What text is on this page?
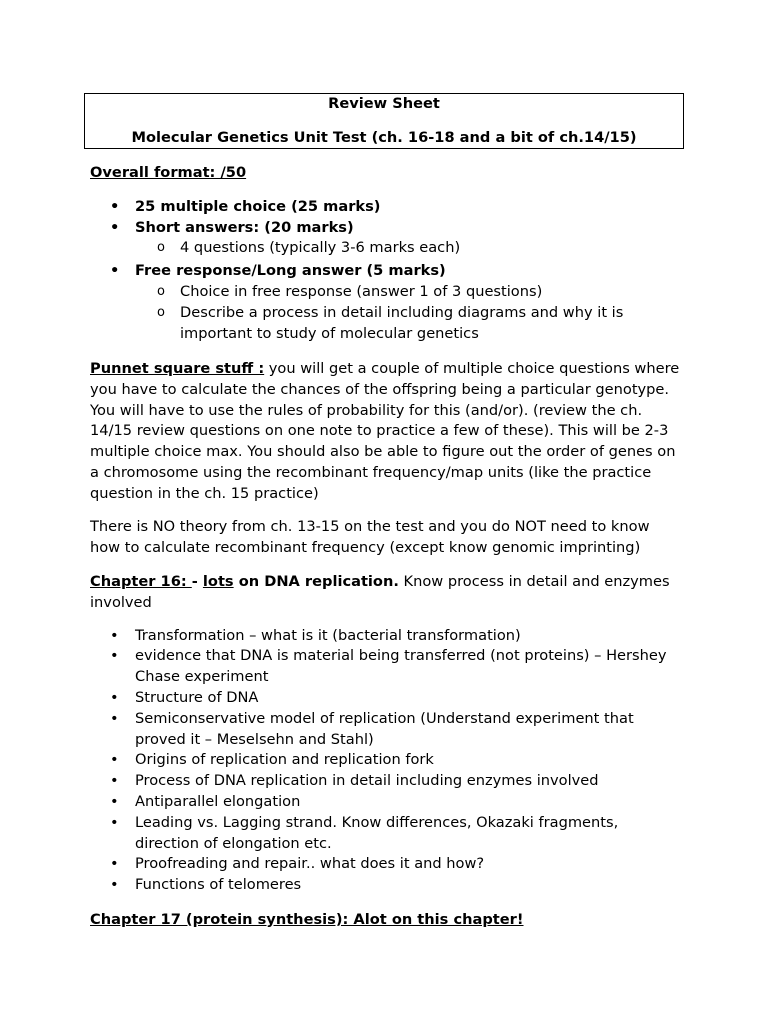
Review Sheet
Molecular Genetics Unit Test (ch. 16-18 and a bit of ch.14/15)

Overall format: /50

• 25 multiple choice (25 marks)
• Short answers: (20 marks)
o 4 questions (typically 3-6 marks each)
• Free response/Long answer (5 marks)
o Choice in free response (answer 1 of 3 questions)
o Describe a process in detail including diagrams and why it is important to study of molecular genetics

Punnet square stuff : you will get a couple of multiple choice questions where you have to calculate the chances of the offspring being a particular genotype. You will have to use the rules of probability for this (and/or). (review the ch. 14/15 review questions on one note to practice a few of these). This will be 2-3 multiple choice max. You should also be able to figure out the order of genes on a chromosome using the recombinant frequency/map units (like the practice question in the ch. 15 practice)

There is NO theory from ch. 13-15 on the test and you do NOT need to know how to calculate recombinant frequency (except know genomic imprinting)

Chapter 16: - lots on DNA replication. Know process in detail and enzymes involved

• Transformation – what is it (bacterial transformation)
• evidence that DNA is material being transferred (not proteins) – Hershey Chase experiment
• Structure of DNA
• Semiconservative model of replication (Understand experiment that proved it – Meselsehn and Stahl)
• Origins of replication and replication fork
• Process of DNA replication in detail including enzymes involved
• Antiparallel elongation
• Leading vs. Lagging strand. Know differences, Okazaki fragments, direction of elongation etc.
• Proofreading and repair.. what does it and how?
• Functions of telomeres
Chapter 17 (protein synthesis): Alot on this chapter!
